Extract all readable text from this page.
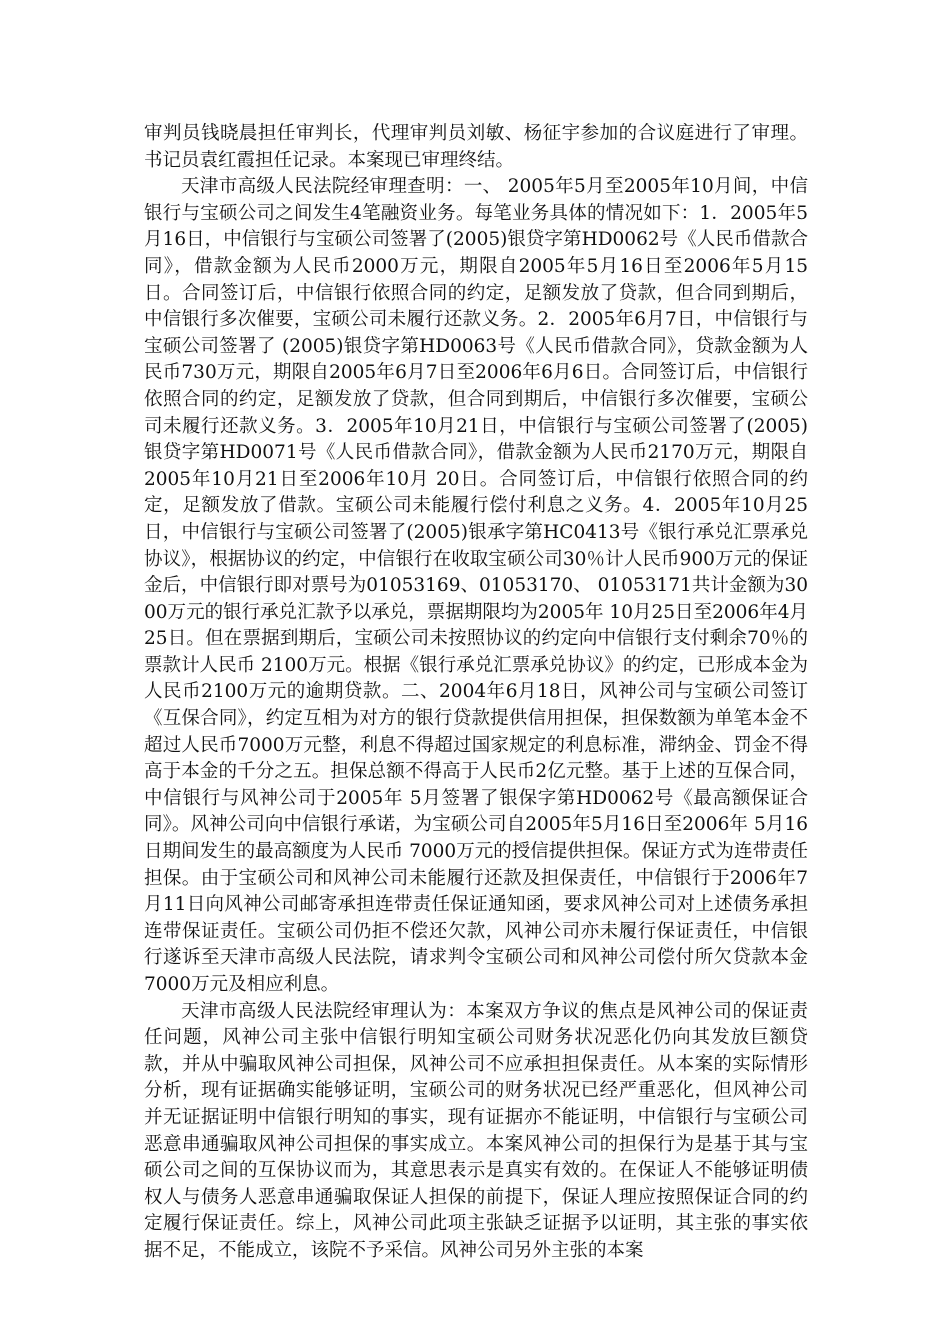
审判员钱晓晨担任审判长，代理审判员刘敏、杨征宇参加的合议庭进行了审理。书记员袁红霞担任记录。本案现已审理终结。

天津市高级人民法院经审理查明：一、 2005年5月至2005年10月间，中信银行与宝硕公司之间发生4笔融资业务。每笔业务具体的情况如下：1．2005年5月16日，中信银行与宝硕公司签署了(2005)银贷字第HD0062号《人民币借款合同》，借款金额为人民币2000万元，期限自2005年5月16日至2006年5月15日。合同签订后，中信银行依照合同的约定，足额发放了贷款，但合同到期后，中信银行多次催要，宝硕公司未履行还款义务。2．2005年6月7日，中信银行与宝硕公司签署了 (2005)银贷字第HD0063号《人民币借款合同》，贷款金额为人民币730万元，期限自2005年6月7日至2006年6月6日。合同签订后，中信银行依照合同的约定，足额发放了贷款，但合同到期后，中信银行多次催要，宝硕公司未履行还款义务。3．2005年10月21日，中信银行与宝硕公司签署了(2005)银贷字第HD0071号《人民币借款合同》，借款金额为人民币2170万元，期限自2005年10月21日至2006年10月 20日。合同签订后，中信银行依照合同的约定，足额发放了借款。宝硕公司未能履行偿付利息之义务。4．2005年10月25日，中信银行与宝硕公司签署了(2005)银承字第HC0413号《银行承兑汇票承兑协议》，根据协议的约定，中信银行在收取宝硕公司30％计人民币900万元的保证金后，中信银行即对票号为01053169、01053170、 01053171共计金额为3000万元的银行承兑汇款予以承兑，票据期限均为2005年 10月25日至2006年4月25日。但在票据到期后，宝硕公司未按照协议的约定向中信银行支付剩余70％的票款计人民币 2100万元。根据《银行承兑汇票承兑协议》的约定，已形成本金为人民币2100万元的逾期贷款。二、2004年6月18日，风神公司与宝硕公司签订《互保合同》，约定互相为对方的银行贷款提供信用担保，担保数额为单笔本金不超过人民币7000万元整，利息不得超过国家规定的利息标准，滞纳金、罚金不得高于本金的千分之五。担保总额不得高于人民币2亿元整。基于上述的互保合同，中信银行与风神公司于2005年 5月签署了银保字第HD0062号《最高额保证合同》。风神公司向中信银行承诺，为宝硕公司自2005年5月16日至2006年 5月16日期间发生的最高额度为人民币 7000万元的授信提供担保。保证方式为连带责任担保。由于宝硕公司和风神公司未能履行还款及担保责任，中信银行于2006年7月11日向风神公司邮寄承担连带责任保证通知函，要求风神公司对上述债务承担连带保证责任。宝硕公司仍拒不偿还欠款，风神公司亦未履行保证责任，中信银行遂诉至天津市高级人民法院，请求判令宝硕公司和风神公司偿付所欠贷款本金 7000万元及相应利息。

天津市高级人民法院经审理认为：本案双方争议的焦点是风神公司的保证责任问题，风神公司主张中信银行明知宝硕公司财务状况恶化仍向其发放巨额贷款，并从中骗取风神公司担保，风神公司不应承担担保责任。从本案的实际情形分析，现有证据确实能够证明，宝硕公司的财务状况已经严重恶化，但风神公司并无证据证明中信银行明知的事实，现有证据亦不能证明，中信银行与宝硕公司恶意串通骗取风神公司担保的事实成立。本案风神公司的担保行为是基于其与宝硕公司之间的互保协议而为，其意思表示是真实有效的。在保证人不能够证明债权人与债务人恶意串通骗取保证人担保的前提下，保证人理应按照保证合同的约定履行保证责任。综上，风神公司此项主张缺乏证据予以证明，其主张的事实依据不足，不能成立，该院不予采信。风神公司另外主张的本案
